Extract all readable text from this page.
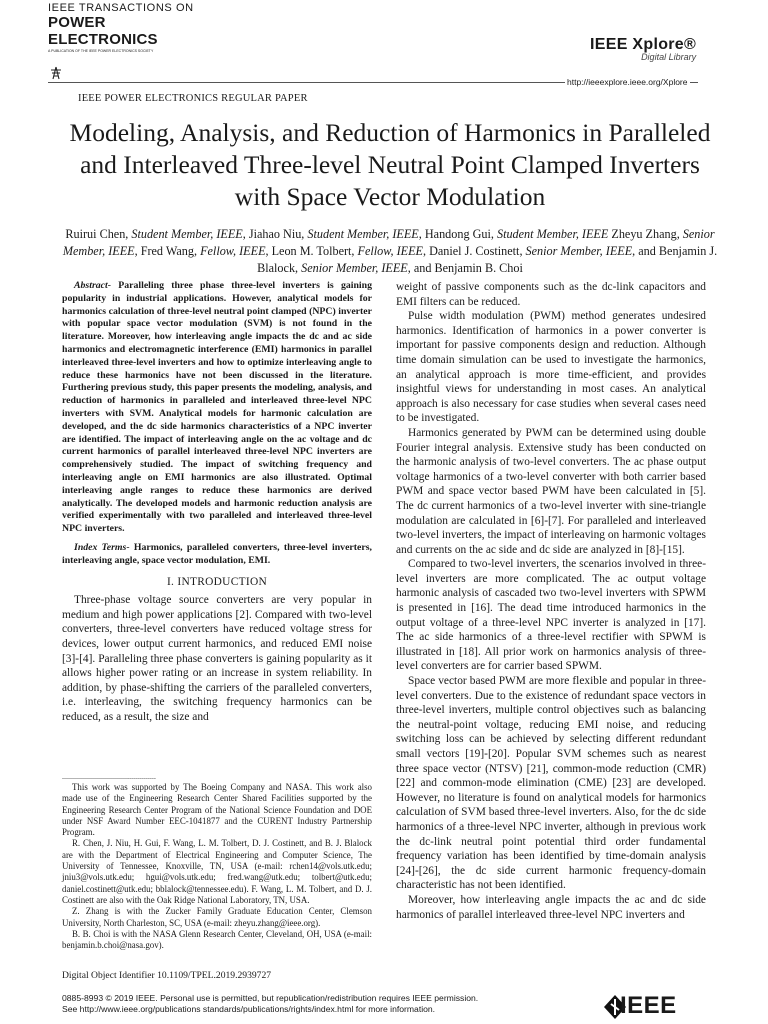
IEEE TRANSACTIONS ON
POWER
ELECTRONICS
A PUBLICATION OF THE IEEE POWER ELECTRONICS SOCIETY	IEEE Xplore®
Digital Library
http://ieeexplore.ieee.org/Xplore
IEEE POWER ELECTRONICS REGULAR PAPER
Modeling, Analysis, and Reduction of Harmonics in Paralleled and Interleaved Three-level Neutral Point Clamped Inverters with Space Vector Modulation

Ruirui Chen, Student Member, IEEE, Jiahao Niu, Student Member, IEEE, Handong Gui, Student Member, IEEE Zheyu Zhang, Senior Member, IEEE, Fred Wang, Fellow, IEEE, Leon M. Tolbert, Fellow, IEEE, Daniel J. Costinett, Senior Member, IEEE, and Benjamin J. Blalock, Senior Member, IEEE, and Benjamin B. Choi

Abstract- Paralleling three phase three-level inverters is gaining popularity in industrial applications. However, analytical models for harmonics calculation of three-level neutral point clamped (NPC) inverter with popular space vector modulation (SVM) is not found in the literature. Moreover, how interleaving angle impacts the dc and ac side harmonics and electromagnetic interference (EMI) harmonics in parallel interleaved three-level inverters and how to optimize interleaving angle to reduce these harmonics have not been discussed in the literature. Furthering previous study, this paper presents the modeling, analysis, and reduction of harmonics in paralleled and interleaved three-level NPC inverters with SVM. Analytical models for harmonic calculation are developed, and the dc side harmonics characteristics of a NPC inverter are identified. The impact of interleaving angle on the ac voltage and dc current harmonics of parallel interleaved three-level NPC inverters are comprehensively studied. The impact of switching frequency and interleaving angle on EMI harmonics are also illustrated. Optimal interleaving angle ranges to reduce these harmonics are derived analytically. The developed models and harmonic reduction analysis are verified experimentally with two paralleled and interleaved three-level NPC inverters.

Index Terms- Harmonics, paralleled converters, three-level inverters, interleaving angle, space vector modulation, EMI.

I. INTRODUCTION

Three-phase voltage source converters are very popular in medium and high power applications [2]. Compared with two-level converters, three-level converters have reduced voltage stress for devices, lower output current harmonics, and reduced EMI noise [3]-[4]. Paralleling three phase converters is gaining popularity as it allows higher power rating or an increase in system reliability. In addition, by phase-shifting the carriers of the paralleled converters, i.e. interleaving, the switching frequency harmonics can be reduced, as a result, the size and

-----------------------------------------------

This work was supported by The Boeing Company and NASA. This work also made use of the Engineering Research Center Shared Facilities supported by the Engineering Research Center Program of the National Science Foundation and DOE under NSF Award Number EEC-1041877 and the CURENT Industry Partnership Program.

R. Chen, J. Niu, H. Gui, F. Wang, L. M. Tolbert, D. J. Costinett, and B. J. Blalock are with the Department of Electrical Engineering and Computer Science, The University of Tennessee, Knoxville, TN, USA (e-mail: rchen14@vols.utk.edu; jniu3@vols.utk.edu; hgui@vols.utk.edu; fred.wang@utk.edu; tolbert@utk.edu; daniel.costinett@utk.edu; bblalock@tennessee.edu). F. Wang, L. M. Tolbert, and D. J. Costinett are also with the Oak Ridge National Laboratory, TN, USA.

Z. Zhang is with the Zucker Family Graduate Education Center, Clemson University, North Charleston, SC, USA (e-mail: zheyu.zhang@ieee.org).

B. B. Choi is with the NASA Glenn Research Center, Cleveland, OH, USA (e-mail: benjamin.b.choi@nasa.gov).

Digital Object Identifier 10.1109/TPEL.2019.2939727

weight of passive components such as the dc-link capacitors and EMI filters can be reduced.

Pulse width modulation (PWM) method generates undesired harmonics. Identification of harmonics in a power converter is important for passive components design and reduction. Although time domain simulation can be used to investigate the harmonics, an analytical approach is more time-efficient, and provides insightful views for understanding in most cases. An analytical approach is also necessary for case studies when several cases need to be investigated.

Harmonics generated by PWM can be determined using double Fourier integral analysis. Extensive study has been conducted on the harmonic analysis of two-level converters. The ac phase output voltage harmonics of a two-level converter with both carrier based PWM and space vector based PWM have been calculated in [5]. The dc current harmonics of a two-level inverter with sine-triangle modulation are calculated in [6]-[7]. For paralleled and interleaved two-level inverters, the impact of interleaving on harmonic voltages and currents on the ac side and dc side are analyzed in [8]-[15].

Compared to two-level inverters, the scenarios involved in three-level inverters are more complicated. The ac output voltage harmonic analysis of cascaded two two-level inverters with SPWM is presented in [16]. The dead time introduced harmonics in the output voltage of a three-level NPC inverter is analyzed in [17]. The ac side harmonics of a three-level rectifier with SPWM is illustrated in [18]. All prior work on harmonics analysis of three-level converters are for carrier based SPWM.

Space vector based PWM are more flexible and popular in three-level converters. Due to the existence of redundant space vectors in three-level inverters, multiple control objectives such as balancing the neutral-point voltage, reducing EMI noise, and reducing switching loss can be achieved by selecting different redundant small vectors [19]-[20]. Popular SVM schemes such as nearest three space vector (NTSV) [21], common-mode reduction (CMR) [22] and common-mode elimination (CME) [23] are developed. However, no literature is found on analytical models for harmonics calculation of SVM based three-level inverters. Also, for the dc side harmonics of a three-level NPC inverter, although in previous work the dc-link neutral point potential third order fundamental frequency variation has been identified by time-domain analysis [24]-[26], the dc side current harmonic frequency-domain characteristic has not been identified.

Moreover, how interleaving angle impacts the ac and dc side harmonics of parallel interleaved three-level NPC inverters and

0885-8993 © 2019 IEEE. Personal use is permitted, but republication/redistribution requires IEEE permission.
See http://www.ieee.org/publications standards/publications/rights/index.html for more information.	IEEE
